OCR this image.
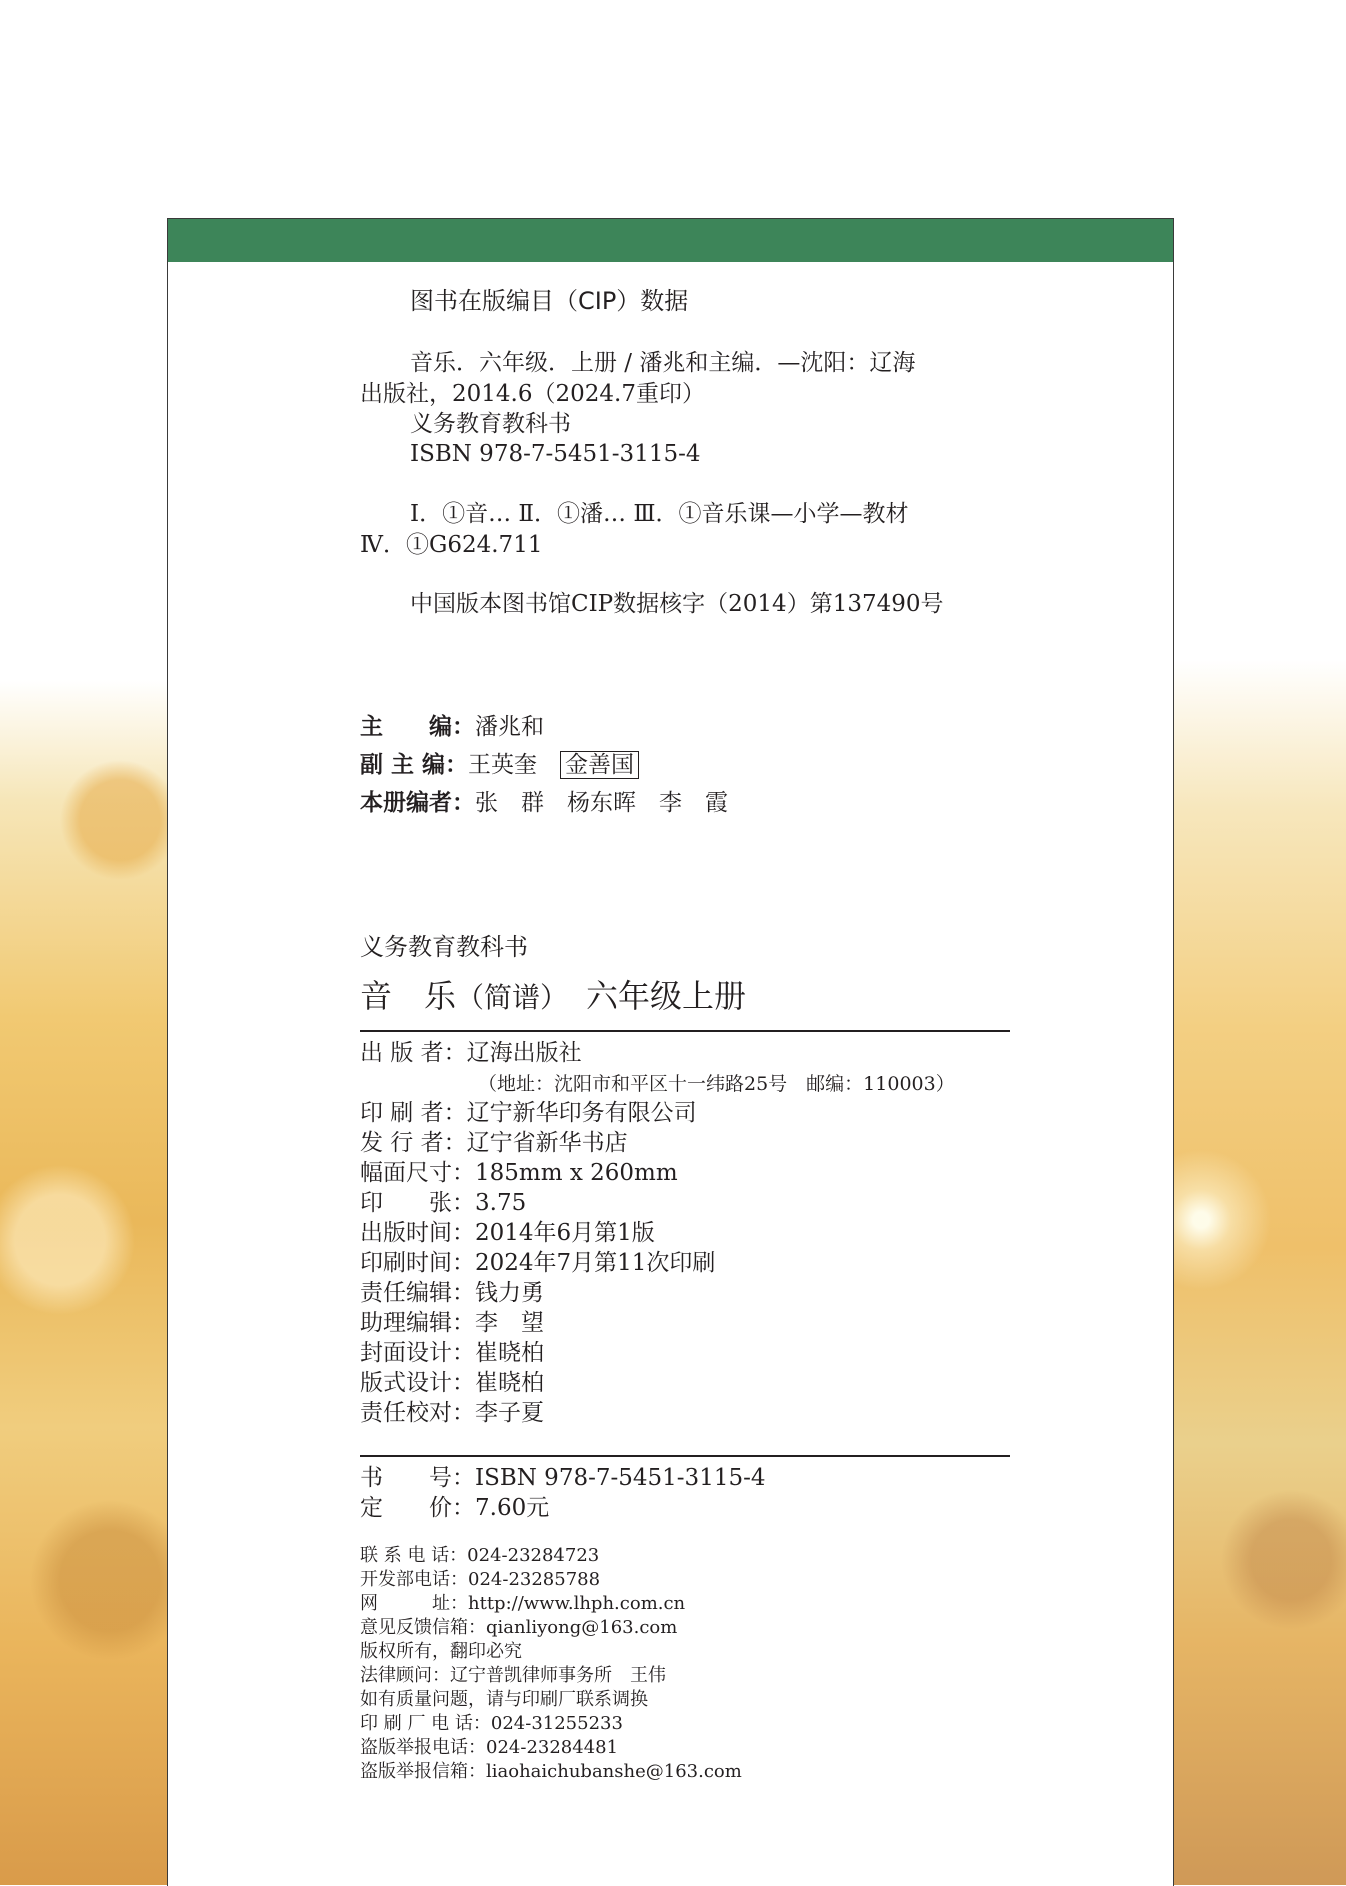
图书在版编目（CIP）数据
音乐．六年级．上册 / 潘兆和主编．—沈阳：辽海
出版社，2014.6（2024.7重印）
义务教育教科书
ISBN 978-7-5451-3115-4
Ⅰ．①音… Ⅱ．①潘… Ⅲ．①音乐课—小学—教材
Ⅳ．①G624.711
中国版本图书馆CIP数据核字（2014）第137490号
主　　编：潘兆和
副 主 编：王英奎　 金善国
本册编者：张　群　杨东晖　李　霞
义务教育教科书
音　乐（简谱）　 六年级上册
出 版 者：辽海出版社
（地址：沈阳市和平区十一纬路25号　邮编：110003）
印 刷 者：辽宁新华印务有限公司
发 行 者：辽宁省新华书店
幅面尺寸：185mm x 260mm
印　　张：3.75
出版时间：2014年6月第1版
印刷时间：2024年7月第11次印刷
责任编辑：钱力勇
助理编辑：李　望
封面设计：崔晓柏
版式设计：崔晓柏
责任校对：李子夏
书　　号：ISBN 978-7-5451-3115-4
定　　价：7.60元
联 系 电 话：024-23284723
开发部电话：024-23285788
网　　　址：http://www.lhph.com.cn
意见反馈信箱：qianliyong@163.com
版权所有，翻印必究
法律顾问：辽宁普凯律师事务所　王伟
如有质量问题，请与印刷厂联系调换
印 刷 厂 电 话：024-31255233
盗版举报电话：024-23284481
盗版举报信箱：liaohaichubanshe@163.com
